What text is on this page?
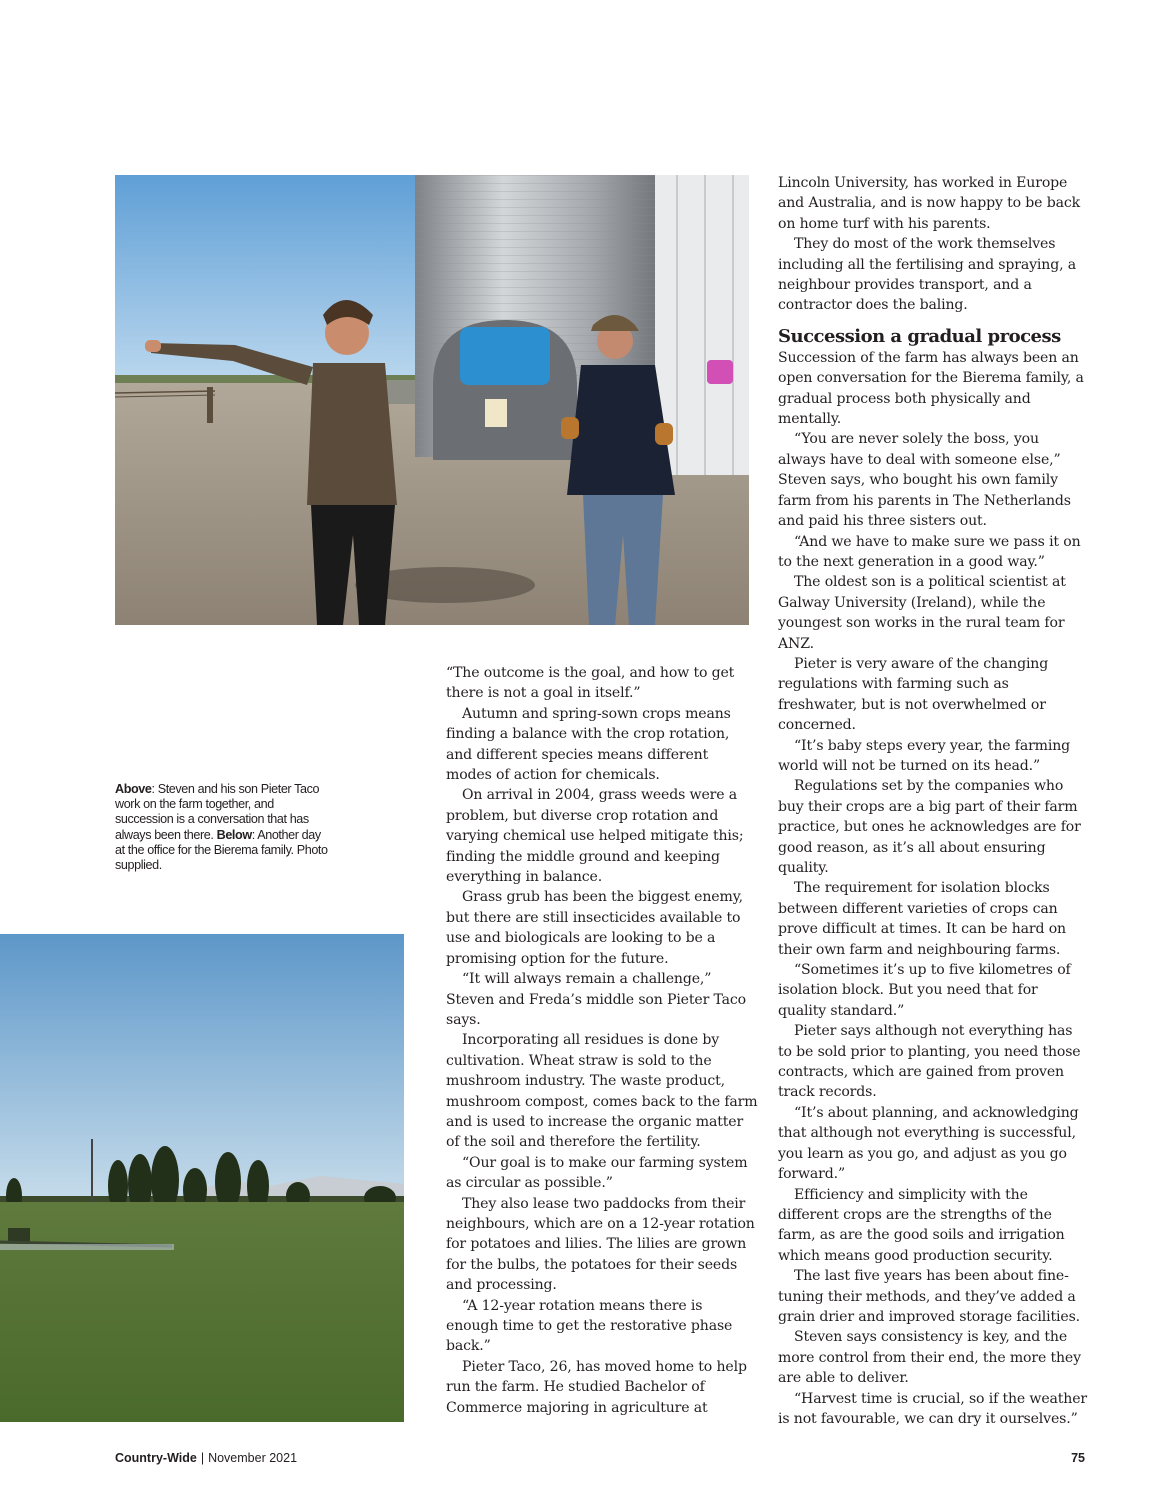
Above: Steven and his son Pieter Taco work on the farm together, and succession is a conversation that has always been there. Below: Another day at the office for the Bierema family. Photo supplied.

“The outcome is the goal, and how to get there is not a goal in itself.”

Autumn and spring-sown crops means finding a balance with the crop rotation, and different species means different modes of action for chemicals.

On arrival in 2004, grass weeds were a problem, but diverse crop rotation and varying chemical use helped mitigate this; finding the middle ground and keeping everything in balance.

Grass grub has been the biggest enemy, but there are still insecticides available to use and biologicals are looking to be a promising option for the future.

“It will always remain a challenge,” Steven and Freda’s middle son Pieter Taco says.

Incorporating all residues is done by cultivation. Wheat straw is sold to the mushroom industry. The waste product, mushroom compost, comes back to the farm and is used to increase the organic matter of the soil and therefore the fertility.

“Our goal is to make our farming system as circular as possible.”

They also lease two paddocks from their neighbours, which are on a 12-year rotation for potatoes and lilies. The lilies are grown for the bulbs, the potatoes for their seeds and processing.

“A 12-year rotation means there is enough time to get the restorative phase back.”

Pieter Taco, 26, has moved home to help run the farm. He studied Bachelor of Commerce majoring in agriculture at

Lincoln University, has worked in Europe and Australia, and is now happy to be back on home turf with his parents.

They do most of the work themselves including all the fertilising and spraying, a neighbour provides transport, and a contractor does the baling.

Succession a gradual process

Succession of the farm has always been an open conversation for the Bierema family, a gradual process both physically and mentally.

“You are never solely the boss, you always have to deal with someone else,” Steven says, who bought his own family farm from his parents in The Netherlands and paid his three sisters out.

“And we have to make sure we pass it on to the next generation in a good way.”

The oldest son is a political scientist at Galway University (Ireland), while the youngest son works in the rural team for ANZ.

Pieter is very aware of the changing regulations with farming such as freshwater, but is not overwhelmed or concerned.

“It’s baby steps every year, the farming world will not be turned on its head.”

Regulations set by the companies who buy their crops are a big part of their farm practice, but ones he acknowledges are for good reason, as it’s all about ensuring quality.

The requirement for isolation blocks between different varieties of crops can prove difficult at times. It can be hard on their own farm and neighbouring farms.

“Sometimes it’s up to five kilometres of isolation block. But you need that for quality standard.”

Pieter says although not everything has to be sold prior to planting, you need those contracts, which are gained from proven track records.

“It’s about planning, and acknowledging that although not everything is successful, you learn as you go, and adjust as you go forward.”

Efficiency and simplicity with the different crops are the strengths of the farm, as are the good soils and irrigation which means good production security.

The last five years has been about fine-tuning their methods, and they’ve added a grain drier and improved storage facilities.

Steven says consistency is key, and the more control from their end, the more they are able to deliver.

“Harvest time is crucial, so if the weather is not favourable, we can dry it ourselves.”

Country-Wide | November 2021	75
